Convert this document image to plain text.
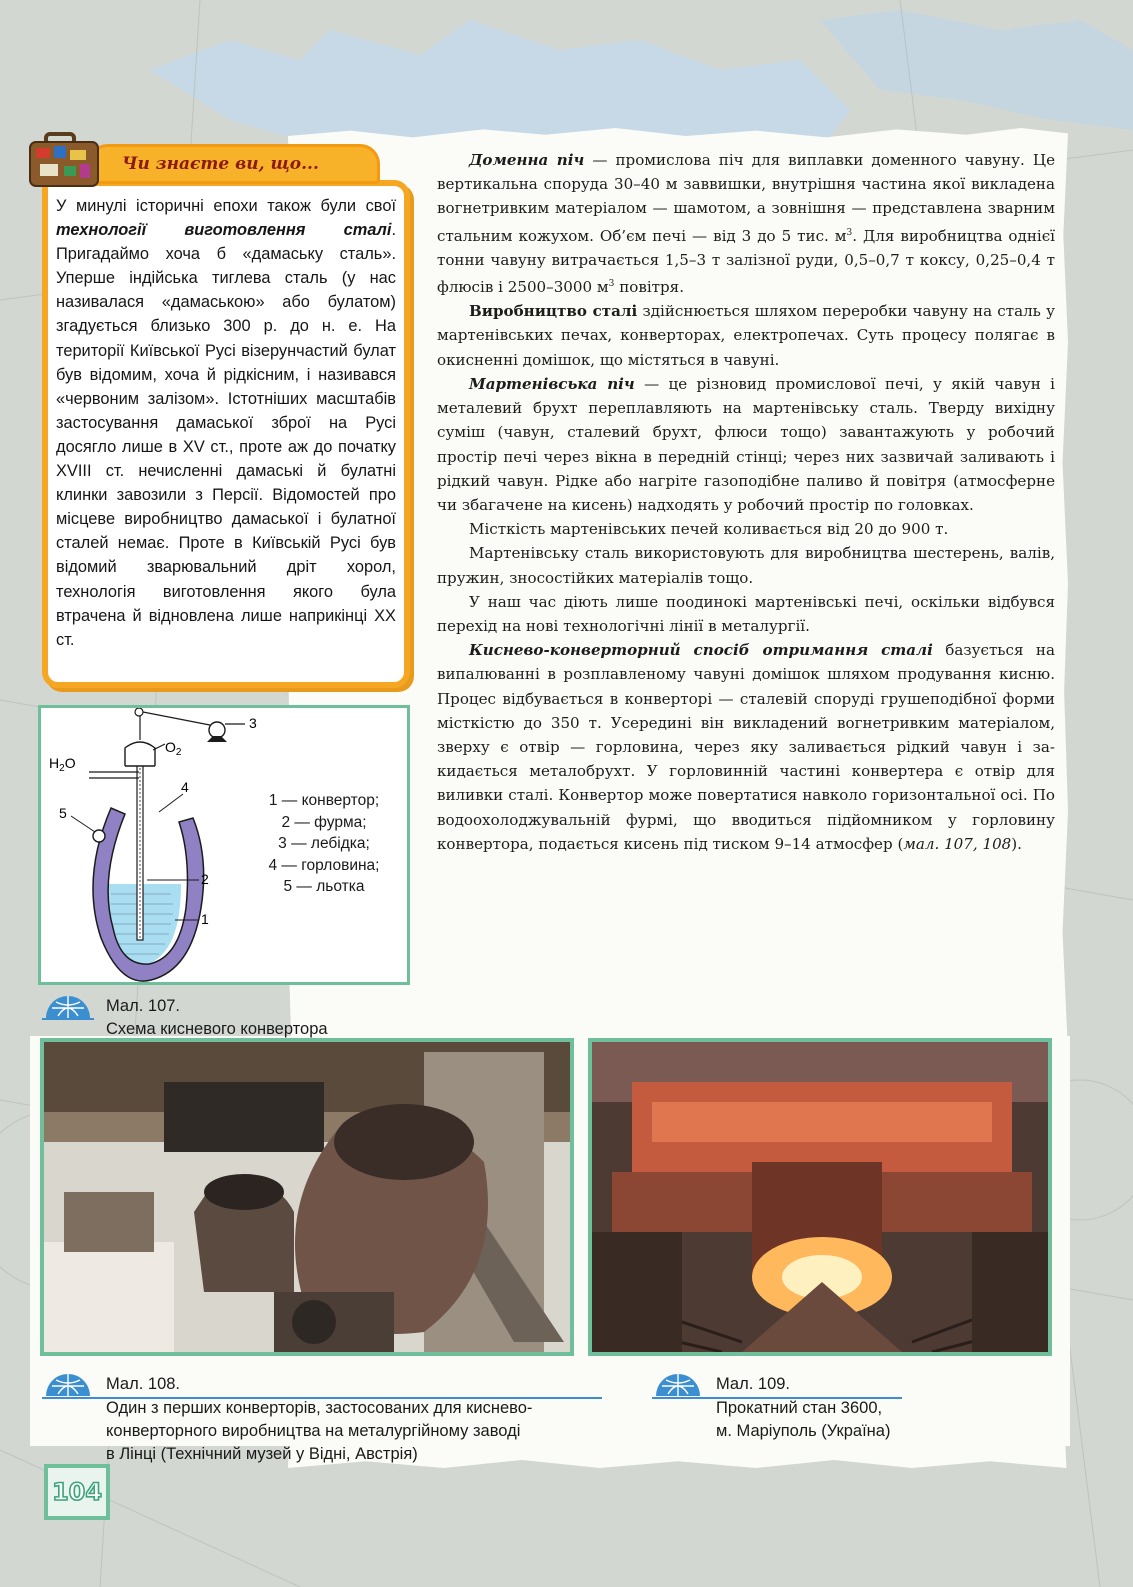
Чи знаєте ви, що...
У минулі історичні епохи також були свої технології виготовлення сталі. Пригадаймо хоча б «дамаську сталь». Уперше індійська тиглева сталь (у нас називалася «дамаською» або булатом) згадується близько 300 р. до н. е. На території Київської Русі візерунчастий булат був відомим, хоча й рідкісним, і називався «червоним залізом». Істотніших масштабів застосування дамаської зброї на Русі досягло лише в XV ст., проте аж до початку XVIII ст. нечисленні дамаські й булатні клинки завозили з Персії. Відомостей про місцеве виробництво дамаської і булатної сталей немає. Проте в Київській Русі був відомий зварювальний дріт хорол, технологія виготовлення якого була втрачена й відновлена лише наприкінці XX ст.
3
4
5
2
1
$H_2O$
$O_2$
1 — конвертор;
2 — фурма;
3 — лебідка;
4 — горловина;
5 — льотка
Мал. 107.
Схема кисневого конвертора

Доменна піч — промислова піч для виплавки доменного чавуну. Це вертикальна споруда 30–40 м заввишки, внутрішня частина якої викладена вогнетривким матеріалом — шамотом, а зовнішня — представлена зварним стальним кожухом. Об’єм печі — від 3 до 5 тис. $м^3$. Для виробництва однієї тонни чавуну витрачається 1,5–3 т залізної руди, 0,5–0,7 т коксу, 0,25–0,4 т флюсів і 2500–3000 $м^3$ повітря.

Виробництво сталі здійснюється шляхом переробки чавуну на сталь у мартенівських печах, конверторах, електропечах. Суть процесу полягає в окисненні домішок, що містяться в чавуні.

Мартенівська піч — це різновид промислової печі, у якій чавун і металевий брухт переплавляють на мартенівську сталь. Тверду вихідну суміш (чавун, сталевий брухт, флюси тощо) завантажують у робочий простір печі через вікна в передній стінці; через них зазвичай заливають і рідкий чавун. Рідке або нагріте газоподібне паливо й повітря (атмосферне чи збагачене на кисень) надходять у робочий простір по головках.

Місткість мартенівських печей коливається від 20 до 900 т.

Мартенівську сталь використовують для виробництва шестерень, валів, пружин, зносостійких матеріалів тощо.

У наш час діють лише поодинокі мартенівські печі, оскільки відбувся перехід на нові технологічні лінії в металургії.

Киснево-конверторний спосіб отримання сталі базується на випалюванні в розплавленому чавуні домішок шляхом продування кисню. Процес відбувається в конверторі — сталевій споруді грушеподібної форми місткістю до 350 т. Усередині він викладений вогнетривким матеріалом, зверху є отвір — горловина, через яку заливається рідкий чавун і закидається металобрухт. У горловинній частині конвертера є отвір для виливки сталі. Конвертор може повертатися навколо горизонтальної осі. По водоохолоджувальній фурмі, що вводиться підйомником у горловину конвертора, подається кисень під тиском 9–14 атмосфер (мал. 107, 108).

Мал. 108.
Один з перших конверторів, застосованих для киснево-
конверторного виробництва на металургійному заводі
в Лінці (Технічний музей у Відні, Австрія)
Мал. 109.
Прокатний стан 3600,
м. Маріуполь (Україна)
104
